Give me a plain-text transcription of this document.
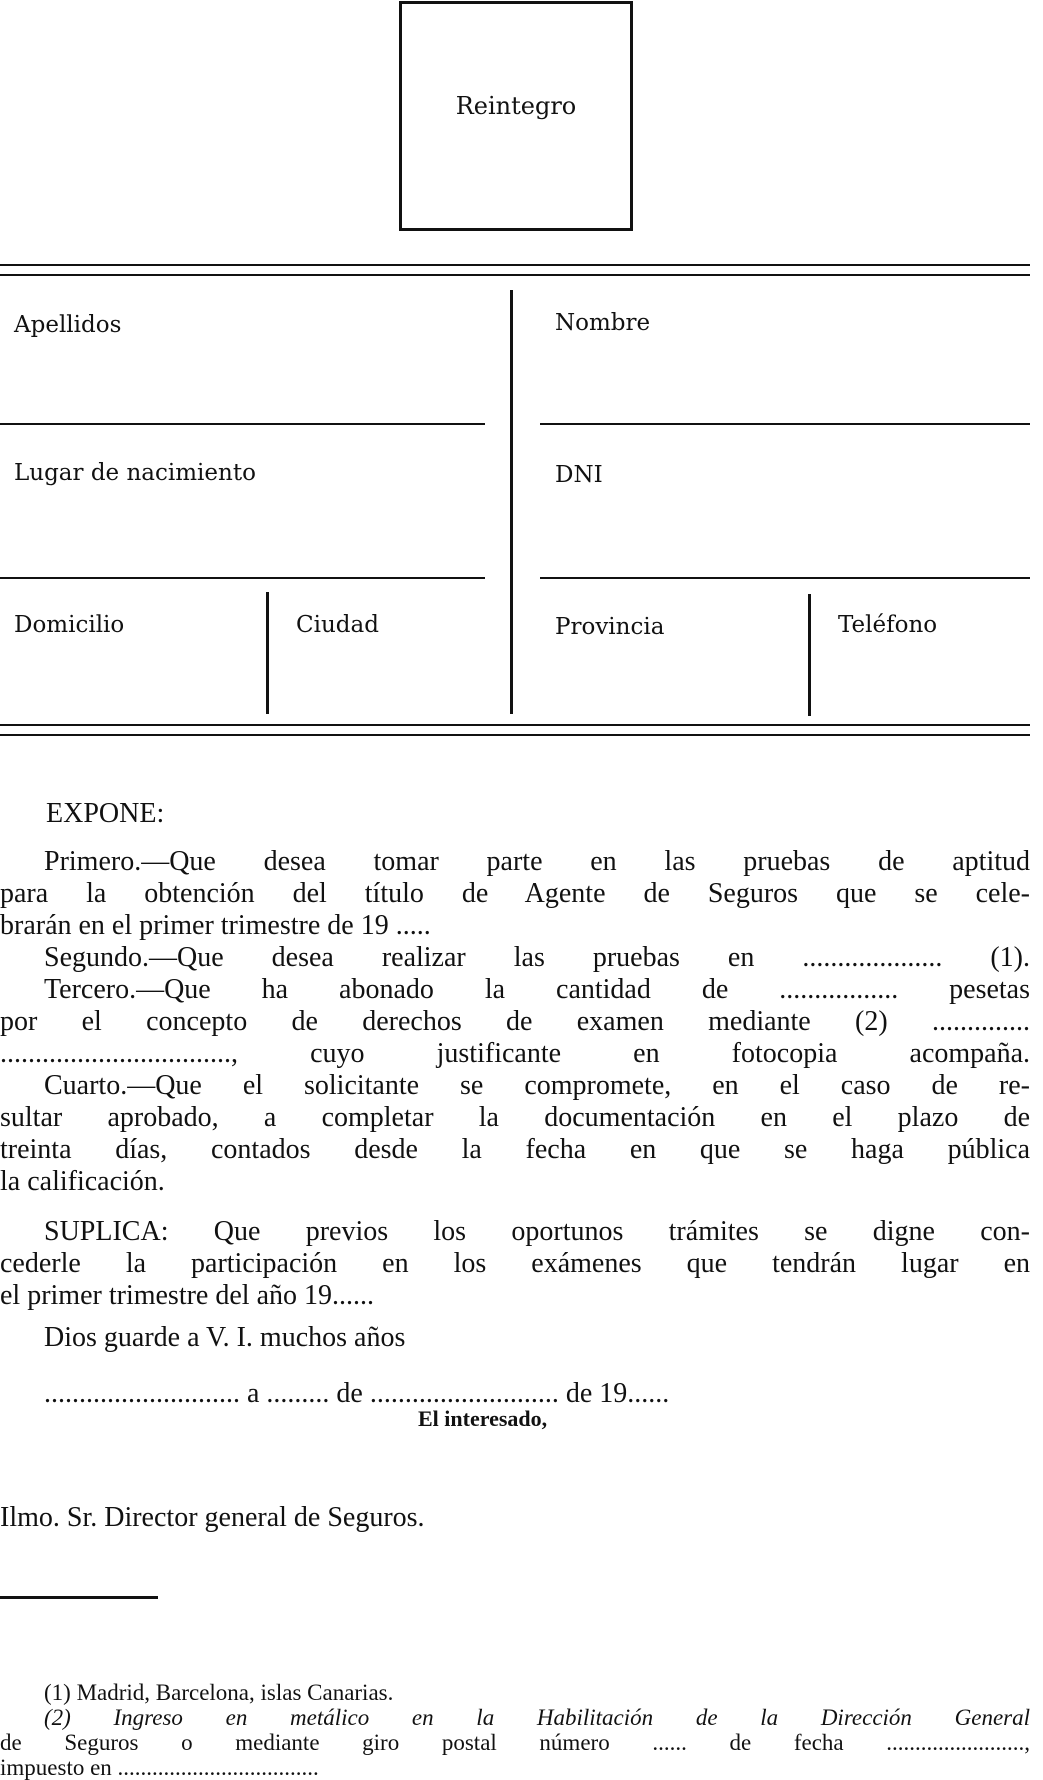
Reintegro
Apellidos	Nombre
Lugar de nacimiento	DNI
Domicilio	Ciudad	Provincia	Teléfono
EXPONE:

Primero.—Que desea tomar parte en las pruebas de aptitud

para la obtención del título de Agente de Seguros que se cele-

brarán en el primer trimestre de 19 .....

Segundo.—Que desea realizar las pruebas en .................... (1).

Tercero.—Que ha abonado la cantidad de ................. pesetas

por el concepto de derechos de examen mediante (2) ..............

................................., cuyo justificante en fotocopia acompaña.

Cuarto.—Que el solicitante se compromete, en el caso de re-

sultar aprobado, a completar la documentación en el plazo de

treinta días, contados desde la fecha en que se haga pública

la calificación.

SUPLICA: Que previos los oportunos trámites se digne con-

cederle la participación en los exámenes que tendrán lugar en

el primer trimestre del año 19......

Dios guarde a V. I. muchos años

............................ a ......... de ........................... de 19......

El interesado,

Ilmo. Sr. Director general de Seguros.

(1) Madrid, Barcelona, islas Canarias.

(2) Ingreso en metálico en la Habilitación de la Dirección General

de Seguros o mediante giro postal número ...... de fecha ........................,

impuesto en ...................................
